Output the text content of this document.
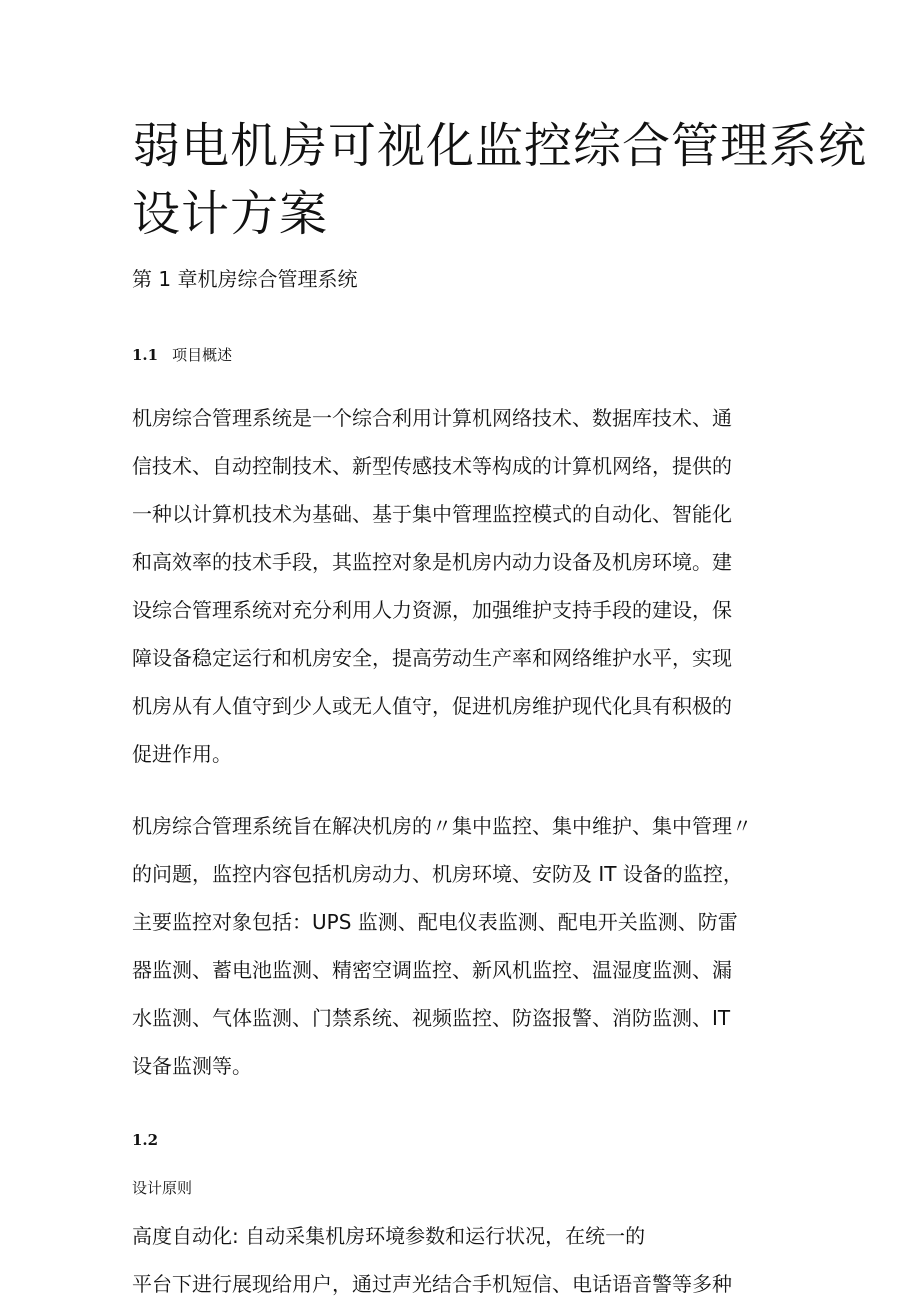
弱电机房可视化监控综合管理系统
设计方案
第 1 章机房综合管理系统
1.1 项目概述
机房综合管理系统是一个综合利用计算机网络技术、数据库技术、通
信技术、自动控制技术、新型传感技术等构成的计算机网络，提供的
一种以计算机技术为基础、基于集中管理监控模式的自动化、智能化
和高效率的技术手段，其监控对象是机房内动力设备及机房环境。建
设综合管理系统对充分利用人力资源，加强维护支持手段的建设，保
障设备稳定运行和机房安全，提高劳动生产率和网络维护水平，实现
机房从有人值守到少人或无人值守，促进机房维护现代化具有积极的
促进作用。
机房综合管理系统旨在解决机房的〃集中监控、集中维护、集中管理〃
的问题，监控内容包括机房动力、机房环境、安防及 IT 设备的监控，
主要监控对象包括：UPS 监测、配电仪表监测、配电开关监测、防雷
器监测、蓄电池监测、精密空调监控、新风机监控、温湿度监测、漏
水监测、气体监测、门禁系统、视频监控、防盗报警、消防监测、IT
设备监测等。
1.2
设计原则
高度自动化: 自动采集机房环境参数和运行状况，在统一的
平台下进行展现给用户，通过声光结合手机短信、电话语音警等多种
